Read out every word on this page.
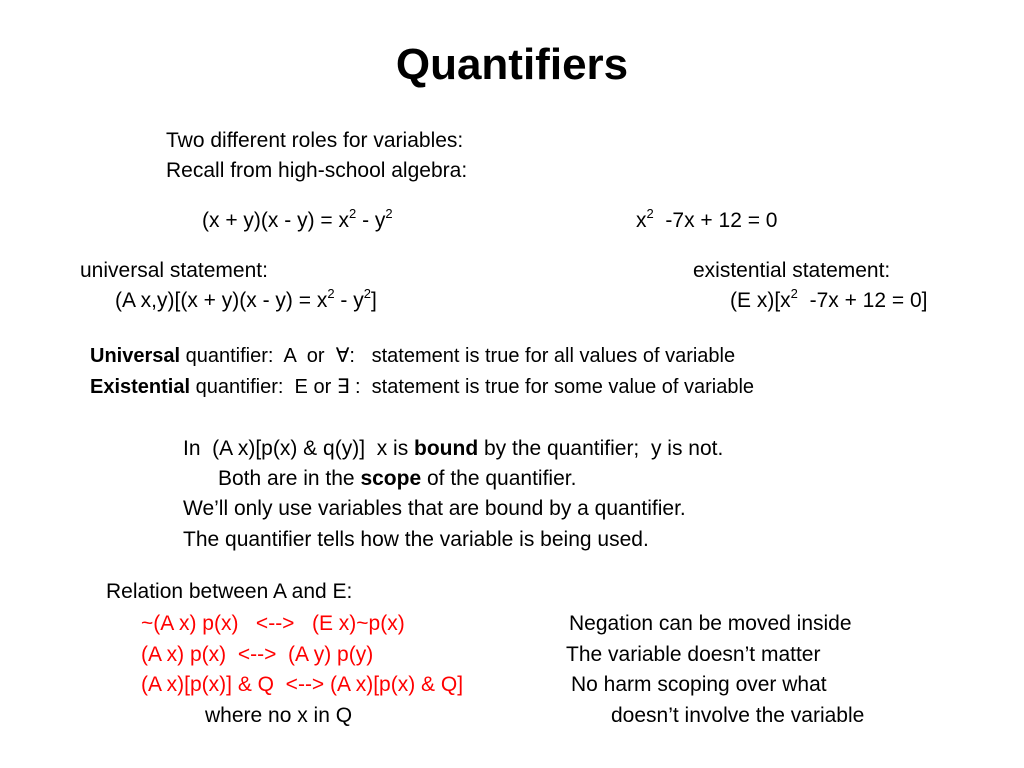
Quantifiers
Two different roles for variables:
Recall from high-school algebra:
$(x + y)(x - y) = x^2 - y^2$	$x^2$  -7x + 12 = 0
universal statement:
(A $x,y)[(x + y)(x - y) = x^2 - y^2]$
existential statement:
(E $x)[x^2$  -7x + 12 = 0]
Universal quantifier:  A  or  ∀:   statement is true for all values of variable
Existential quantifier:  E or ∃ :  statement is true for some value of variable
In  (A x)[p(x) & q(y)]  x is bound by the quantifier;  y is not.
Both are in the scope of the quantifier.
We’ll only use variables that are bound by a quantifier.
The quantifier tells how the variable is being used.
Relation between A and E:
~(A x) p(x)   <-->   (E x)~p(x)
(A x) p(x)  <-->  (A y) p(y)
(A x)[p(x)] & Q  <--> (A x)[p(x) & Q]
where no x in Q
Negation can be moved inside
The variable doesn’t matter
No harm scoping over what
doesn’t involve the variable
